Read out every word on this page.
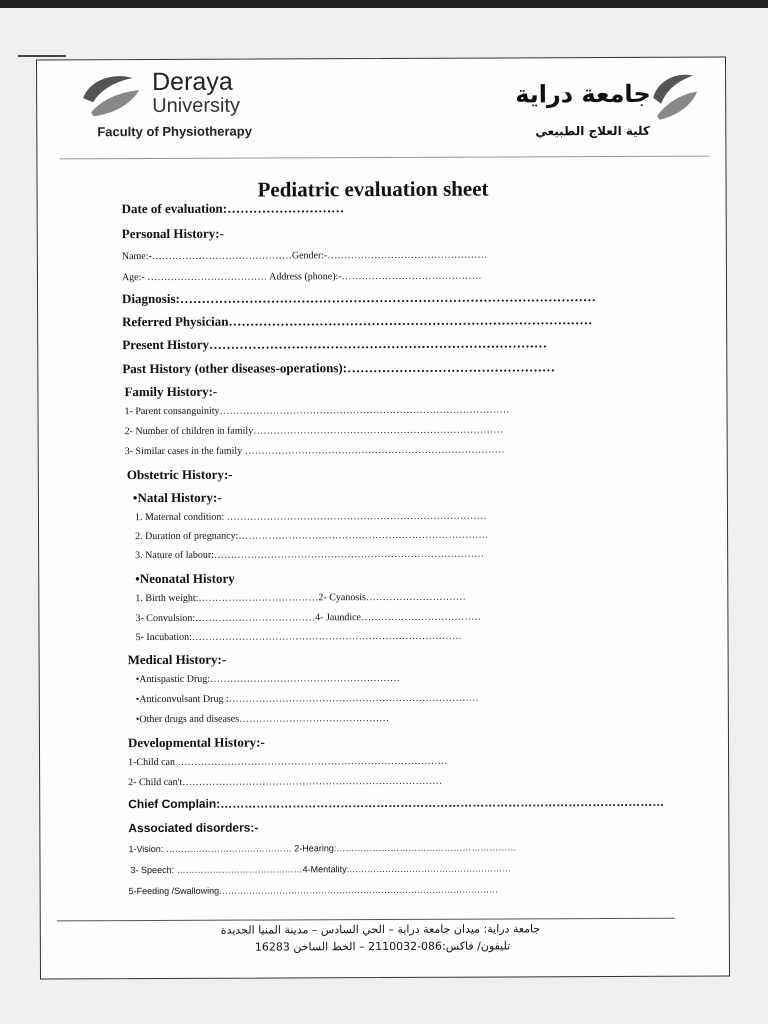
Deraya
University
Faculty of Physiotherapy
جامعة دراية
كلية العلاج الطبيعي
Pediatric evaluation sheet
Date of evaluation:………………………
Personal History:-
Name:-……………………………………Gender:-…………………………………………
Age:- ……………………………… Address (phone):-……………………………………
Diagnosis:……………………………………………………………………………………
Referred Physician…………………………………………………………………………
Present History……………………………………………………………………
Past History (other diseases-operations):…………………………………………
Family History:-
1- Parent consanguinity……………………………………………………………………………
2- Number of children in family…………………………………………………………………
3- Similar cases in the family ……………………………………………………………………
Obstetric History:-
• Natal History:-
1. Maternal condition: ……………………………………………………………………
2. Duration of pregnancy:…………………………………………………………………
3. Nature of labour:………………………………………………………………………
• Neonatal History
1. Birth weight:………………………………2- Cyanosis…………………………
3- Convulsion:………………………………4- Jaundice………………………………
5- Incubation:………………………………………………………………………
Medical History:-
• Antispastic Drug:…………………………………………………
• Anticonvulsant Drug :…………………………………………………………………
• Other drugs and diseases………………………………………
Developmental History:-
1-Child can ………………………………………………………………………
2- Child can't……………………………………………………………………
Chief Complain:…………………………………………………………………………………………………
Associated disorders:-
1-Vision: …………………………………… 2-Hearing:……………………………………………………
3- Speech: ……………………………………4-Mentality:………………………………………………
5-Feeding /Swallowing…………………………………………………………………………………
جامعة دراية: ميدان جامعة دراية – الحي السادس – مدينة المنيا الجديدة
تليفون/ فاكس:086-2110032 – الخط الساخن 16283
